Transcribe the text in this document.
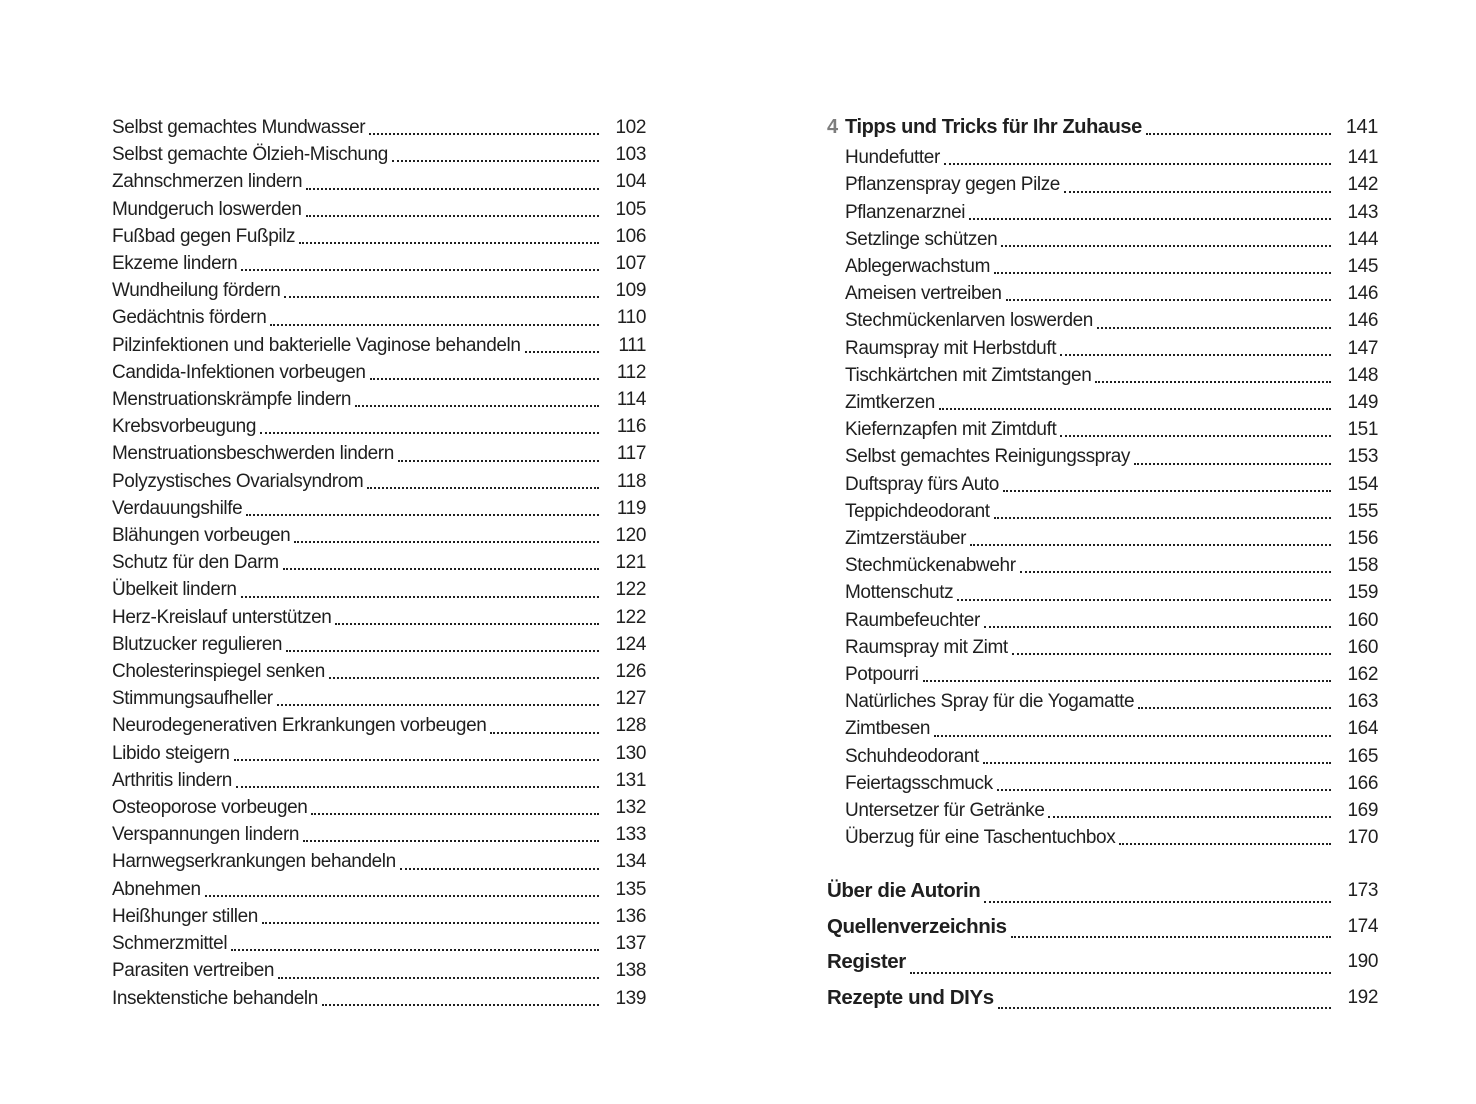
Selbst gemachtes Mundwasser	102
Selbst gemachte Ölzieh-Mischung	103
Zahnschmerzen lindern	104
Mundgeruch loswerden	105
Fußbad gegen Fußpilz	106
Ekzeme lindern	107
Wundheilung fördern	109
Gedächtnis fördern	110
Pilzinfektionen und bakterielle Vaginose behandeln	111
Candida-Infektionen vorbeugen	112
Menstruationskrämpfe lindern	114
Krebsvorbeugung	116
Menstruationsbeschwerden lindern	117
Polyzystisches Ovarialsyndrom	118
Verdauungshilfe	119
Blähungen vorbeugen	120
Schutz für den Darm	121
Übelkeit lindern	122
Herz-Kreislauf unterstützen	122
Blutzucker regulieren	124
Cholesterinspiegel senken	126
Stimmungsaufheller	127
Neurodegenerativen Erkrankungen vorbeugen	128
Libido steigern	130
Arthritis lindern	131
Osteoporose vorbeugen	132
Verspannungen lindern	133
Harnwegserkrankungen behandeln	134
Abnehmen	135
Heißhunger stillen	136
Schmerzmittel	137
Parasiten vertreiben	138
Insektenstiche behandeln	139
4 Tipps und Tricks für Ihr Zuhause	141
Hundefutter	141
Pflanzenspray gegen Pilze	142
Pflanzenarznei	143
Setzlinge schützen	144
Ablegerwachstum	145
Ameisen vertreiben	146
Stechmückenlarven loswerden	146
Raumspray mit Herbstduft	147
Tischkärtchen mit Zimtstangen	148
Zimtkerzen	149
Kiefernzapfen mit Zimtduft	151
Selbst gemachtes Reinigungsspray	153
Duftspray fürs Auto	154
Teppichdeodorant	155
Zimtzerstäuber	156
Stechmückenabwehr	158
Mottenschutz	159
Raumbefeuchter	160
Raumspray mit Zimt	160
Potpourri	162
Natürliches Spray für die Yogamatte	163
Zimtbesen	164
Schuhdeodorant	165
Feiertagsschmuck	166
Untersetzer für Getränke	169
Überzug für eine Taschentuchbox	170
Über die Autorin	173
Quellenverzeichnis	174
Register	190
Rezepte und DIYs	192
